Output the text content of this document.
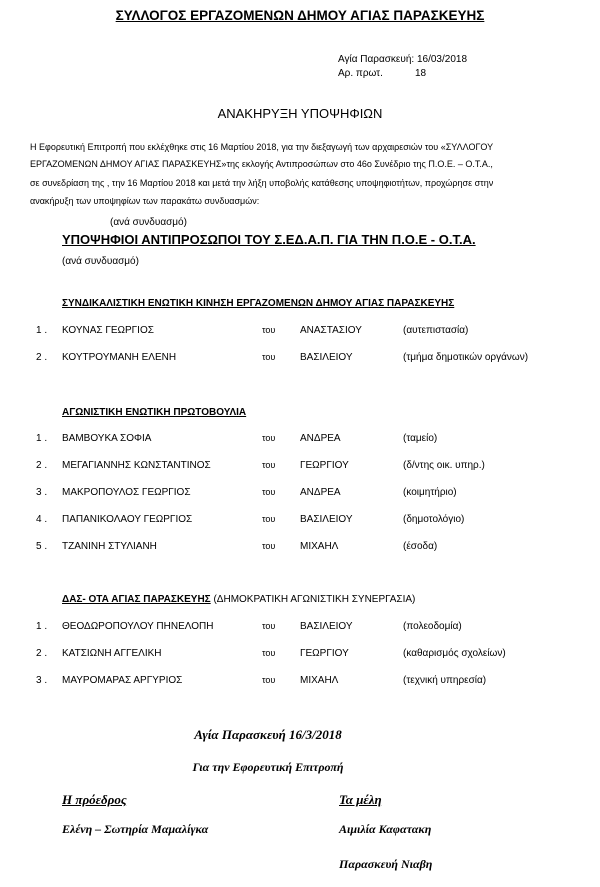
ΣΥΛΛΟΓΟΣ ΕΡΓΑΖΟΜΕΝΩΝ ΔΗΜΟΥ ΑΓΙΑΣ ΠΑΡΑΣΚΕΥΗΣ
Αγία Παρασκευή: 16/03/2018
Αρ. πρωτ.	18
ΑΝΑΚΗΡΥΞΗ ΥΠΟΨΗΦΙΩΝ
Η Εφορευτική Επιτροπή που εκλέχθηκε στις 16 Μαρτίου 2018, για την διεξαγωγή των αρχαιρεσιών του «ΣΥΛΛΟΓΟΥ
ΕΡΓΑΖΟΜΕΝΩΝ ΔΗΜΟΥ ΑΓΙΑΣ ΠΑΡΑΣΚΕΥΗΣ»της εκλογής Αντιπροσώπων στο 46ο Συνέδριο της Π.Ο.Ε. – Ο.Τ.Α.,
σε συνεδρίαση της , την 16 Μαρτίου 2018 και μετά την λήξη υποβολής κατάθεσης υποψηφιοτήτων, προχώρησε στην
ανακήρυξη των υποψηφίων των παρακάτω συνδυασμών:
(ανά συνδυασμό)
ΥΠΟΨΗΦΙΟΙ ΑΝΤΙΠΡΟΣΩΠΟΙ ΤΟΥ Σ.ΕΔ.Α.Π. ΓΙΑ ΤΗΝ Π.Ο.Ε - Ο.Τ.Α.
(ανά συνδυασμό)
ΣΥΝΔΙΚΑΛΙΣΤΙΚΗ ΕΝΩΤΙΚΗ ΚΙΝΗΣΗ ΕΡΓΑΖΟΜΕΝΩΝ ΔΗΜΟΥ ΑΓΙΑΣ ΠΑΡΑΣΚΕΥΗΣ
1 . ΚΟΥΝΑΣ ΓΕΩΡΓΙΟΣ	του ΑΝΑΣΤΑΣΙΟΥ	(αυτεπιστασία)
2 . ΚΟΥΤΡΟΥΜΑΝΗ ΕΛΕΝΗ	του ΒΑΣΙΛΕΙΟΥ	(τμήμα δημοτικών οργάνων)
ΑΓΩΝΙΣΤΙΚΗ ΕΝΩΤΙΚΗ ΠΡΩΤΟΒΟΥΛΙΑ
1 . ΒΑΜΒΟΥΚΑ ΣΟΦΙΑ	του ΑΝΔΡΕΑ	(ταμείο)
2 . ΜΕΓΑΓΙΑΝΝΗΣ ΚΩΝΣΤΑΝΤΙΝΟΣ	του ΓΕΩΡΓΙΟΥ	(δ/ντης οικ. υπηρ.)
3 . ΜΑΚΡΟΠΟΥΛΟΣ ΓΕΩΡΓΙΟΣ	του ΑΝΔΡΕΑ	(κοιμητήριο)
4 . ΠΑΠΑΝΙΚΟΛΑΟΥ ΓΕΩΡΓΙΟΣ	του ΒΑΣΙΛΕΙΟΥ	(δημοτολόγιο)
5 . ΤΖΑΝΙΝΗ ΣΤΥΛΙΑΝΗ	του ΜΙΧΑΗΛ	(έσοδα)
ΔΑΣ- ΟΤΑ ΑΓΙΑΣ ΠΑΡΑΣΚΕΥΗΣ (ΔΗΜΟΚΡΑΤΙΚΗ ΑΓΩΝΙΣΤΙΚΗ ΣΥΝΕΡΓΑΣΙΑ)
1 . ΘΕΟΔΩΡΟΠΟΥΛΟΥ ΠΗΝΕΛΟΠΗ	του ΒΑΣΙΛΕΙΟΥ	(πολεοδομία)
2 . ΚΑΤΣΙΩΝΗ ΑΓΓΕΛΙΚΗ	του ΓΕΩΡΓΙΟΥ	(καθαρισμός σχολείων)
3 . ΜΑΥΡΟΜΑΡΑΣ ΑΡΓΥΡΙΟΣ	του ΜΙΧΑΗΛ	(τεχνική υπηρεσία)
Αγία Παρασκευή 16/3/2018
Για την Εφορευτική Επιτροπή
Η πρόεδρος	Τα μέλη
Ελένη – Σωτηρία Μαμαλίγκα	Αιμιλία Καφατακη
Παρασκευή Νιαβη
